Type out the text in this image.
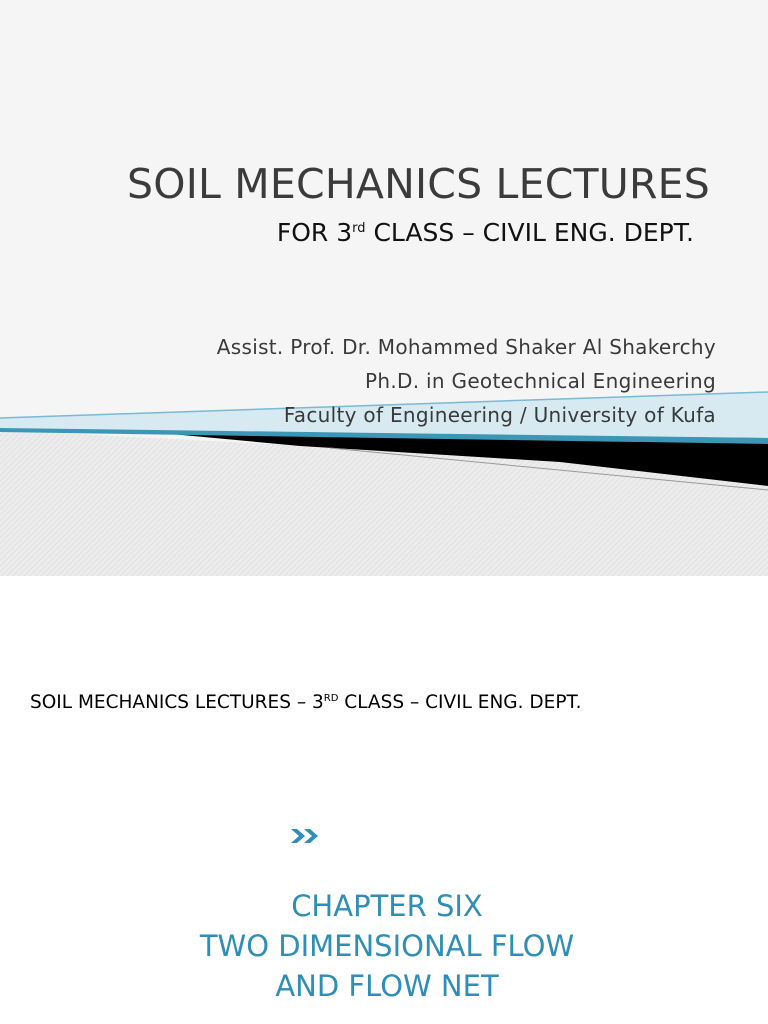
SOIL MECHANICS LECTURES
FOR 3rd CLASS – CIVIL ENG. DEPT.
Assist. Prof. Dr. Mohammed Shaker Al Shakerchy
Ph.D. in Geotechnical Engineering
Faculty of Engineering / University of Kufa
SOIL MECHANICS LECTURES – 3RD CLASS – CIVIL ENG. DEPT.
CHAPTER SIX
TWO DIMENSIONAL FLOW
AND FLOW NET
